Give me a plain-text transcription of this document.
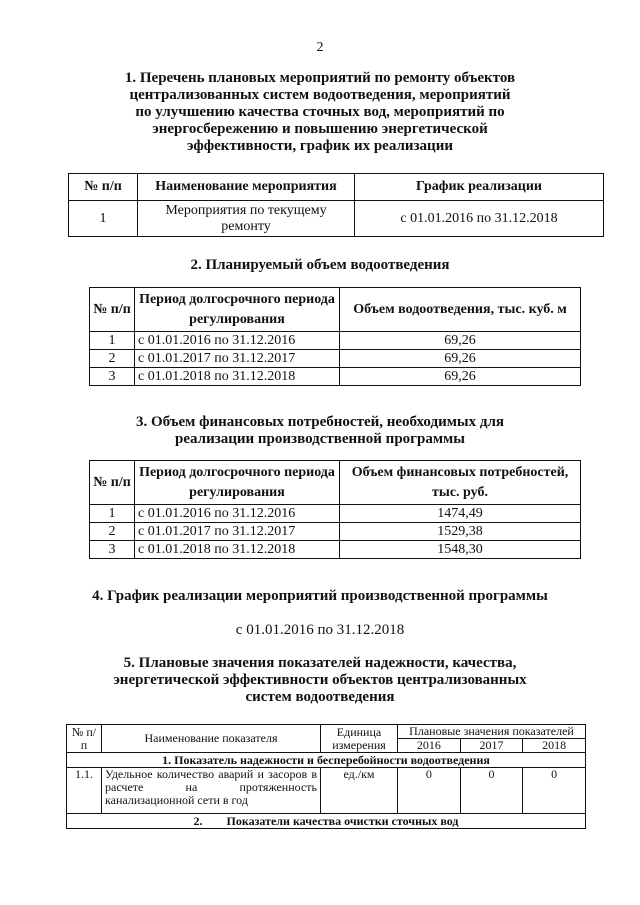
2
1. Перечень плановых мероприятий по ремонту объектов
централизованных систем водоотведения, мероприятий
по улучшению качества сточных вод, мероприятий по
энергосбережению и повышению энергетической
эффективности, график их реализации
№ п/п	Наименование мероприятия	График реализации
1	Мероприятия по текущему ремонту	с 01.01.2016 по 31.12.2018
2. Планируемый объем водоотведения
№ п/п	Период долгосрочного периода регулирования	Объем водоотведения, тыс. куб. м
1	с 01.01.2016 по 31.12.2016	69,26
2	с 01.01.2017 по 31.12.2017	69,26
3	с 01.01.2018 по 31.12.2018	69,26
3. Объем финансовых потребностей, необходимых для
реализации производственной программы
№ п/п	Период долгосрочного периода регулирования	Объем финансовых потребностей, тыс. руб.
1	с 01.01.2016 по 31.12.2016	1474,49
2	с 01.01.2017 по 31.12.2017	1529,38
3	с 01.01.2018 по 31.12.2018	1548,30
4. График реализации мероприятий производственной программы
с 01.01.2016 по 31.12.2018
5. Плановые значения показателей надежности, качества,
энергетической эффективности объектов централизованных
систем водоотведения
№ п/п	Наименование показателя	Единица измерения	Плановые значения показателей		
			2016	2017	2018
1. Показатель надежности и бесперебойности водоотведения					
1.1.	Удельное количество аварий и засоров в расчете на протяженность канализационной сети в год	ед./км	0	0	0
2.        Показатели качества очистки сточных вод					
